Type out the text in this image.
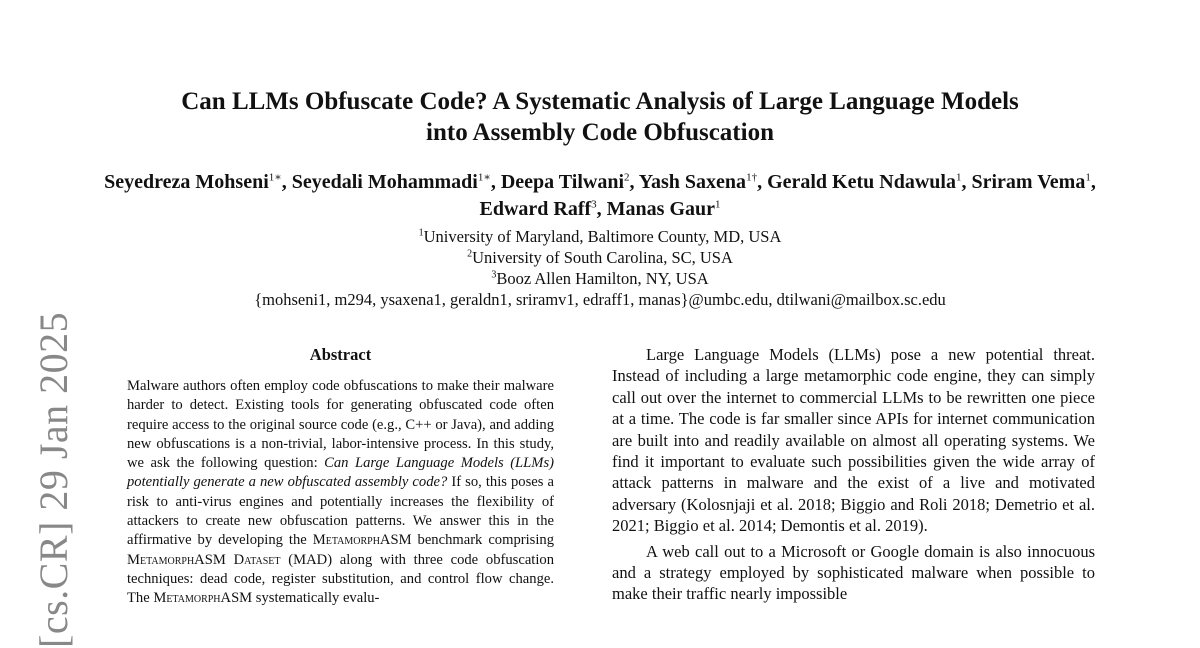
[cs.CR] 29 Jan 2025
Can LLMs Obfuscate Code? A Systematic Analysis of Large Language Models
into Assembly Code Obfuscation
Seyedreza Mohseni$^{1∗}$, Seyedali Mohammadi$^{1∗}$, Deepa Tilwani$^2$, Yash Saxena$^{1\dagger}$, Gerald Ketu Ndawula$^1$, Sriram Vema$^1$, Edward Raff$^3$, Manas Gaur$^1$
$^1$University of Maryland, Baltimore County, MD, USA
$^2$University of South Carolina, SC, USA
$^3$Booz Allen Hamilton, NY, USA
{mohseni1, m294, ysaxena1, geraldn1, sriramv1, edraff1, manas}@umbc.edu, dtilwani@mailbox.sc.edu
Abstract
Malware authors often employ code obfuscations to make their malware harder to detect. Existing tools for generating obfuscated code often require access to the original source code (e.g., C++ or Java), and adding new obfuscations is a non-trivial, labor-intensive process. In this study, we ask the following question: Can Large Language Models (LLMs) potentially generate a new obfuscated assembly code? If so, this poses a risk to anti-virus engines and potentially increases the flexibility of attackers to create new obfuscation patterns. We answer this in the affirmative by developing the MetamorphASM benchmark comprising MetamorphASM Dataset (MAD) along with three code obfuscation techniques: dead code, register substitution, and control flow change. The MetamorphASM systematically evalu-

Large Language Models (LLMs) pose a new potential threat. Instead of including a large metamorphic code engine, they can simply call out over the internet to commercial LLMs to be rewritten one piece at a time. The code is far smaller since APIs for internet communication are built into and readily available on almost all operating systems. We find it important to evaluate such possibilities given the wide array of attack patterns in malware and the exist of a live and motivated adversary (Kolosnjaji et al. 2018; Biggio and Roli 2018; Demetrio et al. 2021; Biggio et al. 2014; Demontis et al. 2019).

A web call out to a Microsoft or Google domain is also innocuous and a strategy employed by sophisticated malware when possible to make their traffic nearly impossible
